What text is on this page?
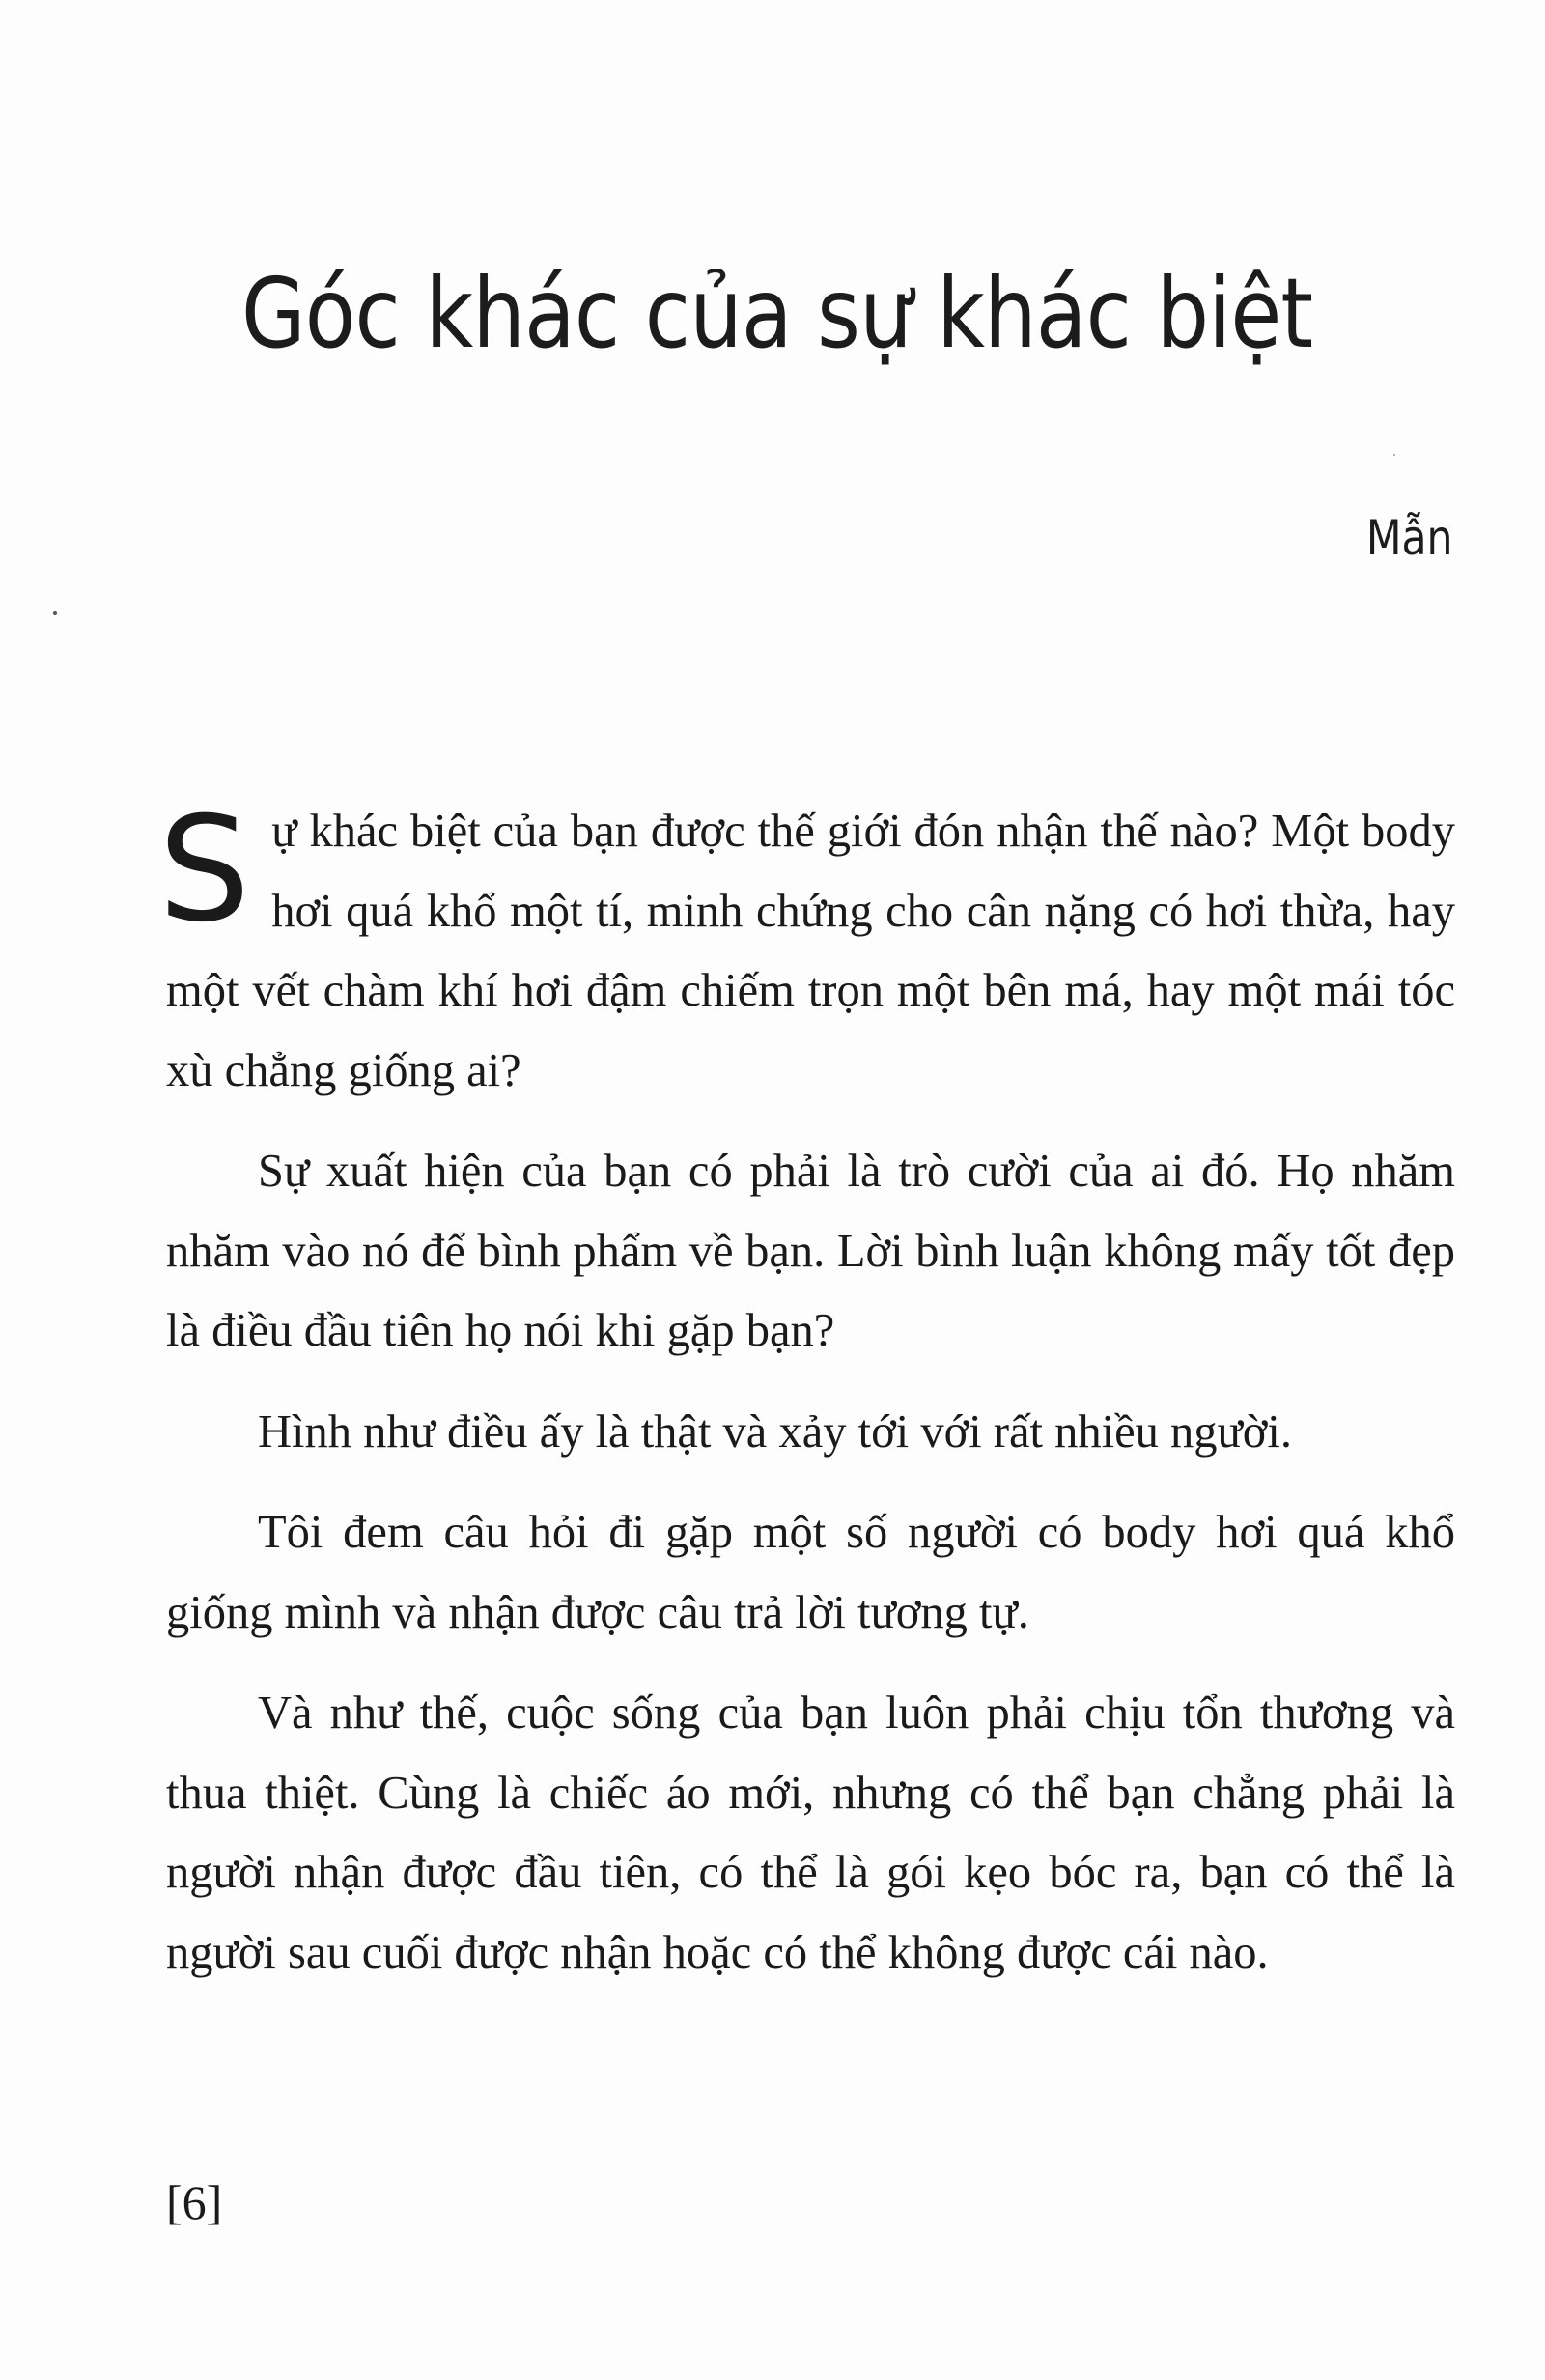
Góc khác của sự khác biệt

Mẫn

Sự khác biệt của bạn được thế giới đón nhận thế nào? Một body hơi quá khổ một tí, minh chứng cho cân nặng có hơi thừa, hay một vết chàm khí hơi đậm chiếm trọn một bên má, hay một mái tóc xù chẳng giống ai?

Sự xuất hiện của bạn có phải là trò cười của ai đó. Họ nhăm nhăm vào nó để bình phẩm về bạn. Lời bình luận không mấy tốt đẹp là điều đầu tiên họ nói khi gặp bạn?

Hình như điều ấy là thật và xảy tới với rất nhiều người.

Tôi đem câu hỏi đi gặp một số người có body hơi quá khổ giống mình và nhận được câu trả lời tương tự.

Và như thế, cuộc sống của bạn luôn phải chịu tổn thương và thua thiệt. Cùng là chiếc áo mới, nhưng có thể bạn chẳng phải là người nhận được đầu tiên, có thể là gói kẹo bóc ra, bạn có thể là người sau cuối được nhận hoặc có thể không được cái nào.

[6]
